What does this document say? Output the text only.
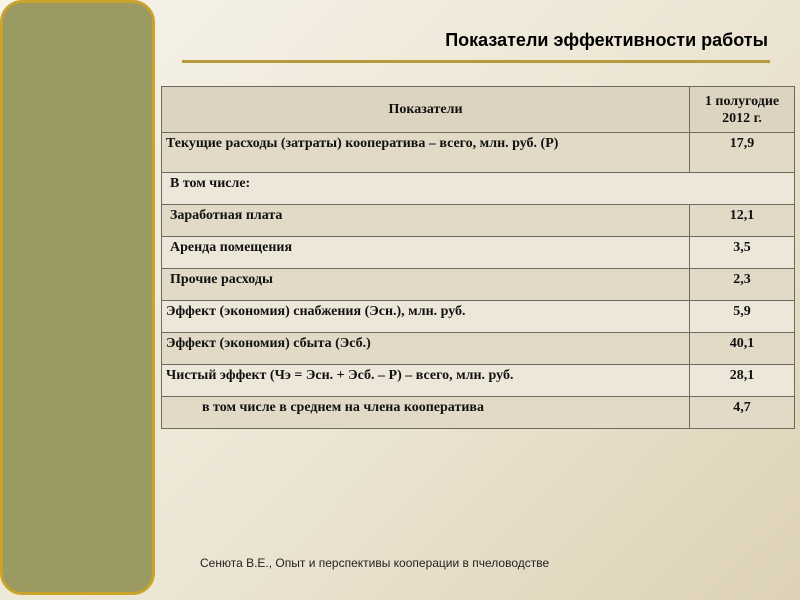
Показатели эффективности работы
Показатели	1 полугодие 2012 г.
Текущие расходы (затраты) кооператива – всего, млн. руб. (Р)	17,9
В том числе:	
Заработная плата	12,1
Аренда помещения	3,5
Прочие расходы	2,3
Эффект (экономия) снабжения (Эсн.), млн. руб.	5,9
Эффект (экономия) сбыта (Эсб.)	40,1
Чистый эффект (Чэ = Эсн. + Эсб. – Р) – всего, млн. руб.	28,1
в том числе в среднем на члена кооператива	4,7
Сенюта В.Е., Опыт и перспективы кооперации в пчеловодстве
